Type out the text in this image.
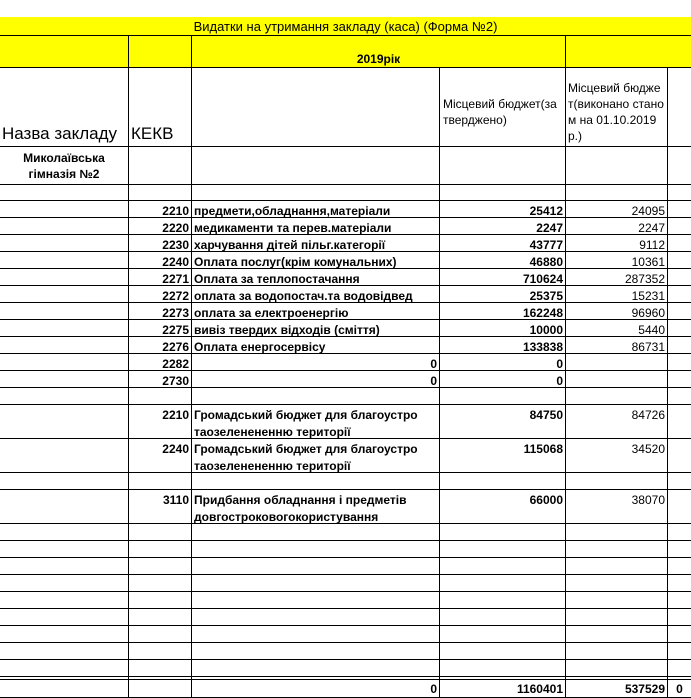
Видатки на утримання закладу (каса) (Форма №2)
2019рік
Назва закладу КЕКВ
Місцевий бюджет(затверджено)
Місцевий бюджет(виконано станом на 01.10.2019 р.)
Миколаївська гімназія №2
2210 предмети,обладнання,матеріали	25412	24095
2220 медикаменти та перев.матеріали	2247	2247
2230 харчування дітей пільг.категорії	43777	9112
2240 Оплата послуг(крім комунальних)	46880	10361
2271 Оплата за теплопостачання	710624	287352
2272 оплата за водопостач.та водовідвед	25375	15231
2273 оплата за електроенергію	162248	96960
2275 вивіз твердих відходів (сміття)	10000	5440
2276 Оплата енергосервісу	133838	86731
2282	0	0
2730	0	0
2210 Громадський бюджет для благоустро
таозеленененню території
84750	84726
2240 Громадський бюджет для благоустро
таозеленененню території
115068	34520
3110 Придбання обладнання і предметів
довгостроковогокористування
66000	38070
0	1160401	537529 0
